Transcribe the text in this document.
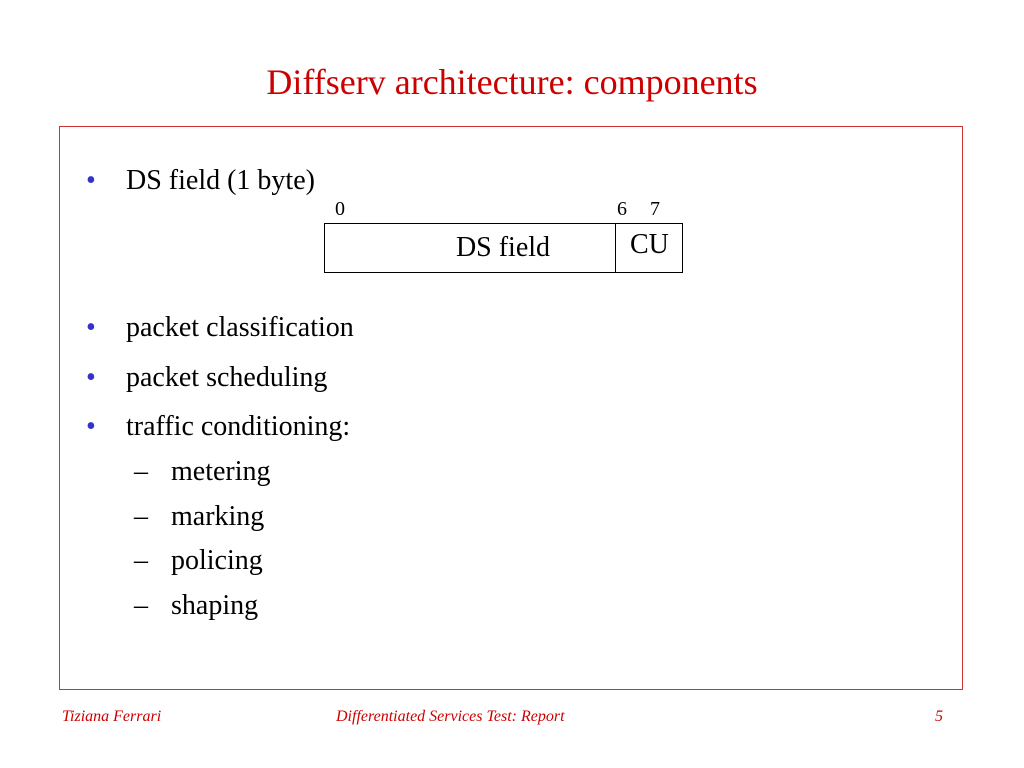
Diffserv architecture: components
• DS field (1 byte)
0	6 7
DS field	CU
• packet classification
• packet scheduling
• traffic conditioning:
– metering
– marking
– policing
– shaping
Tiziana Ferrari	Differentiated Services Test: Report	5
